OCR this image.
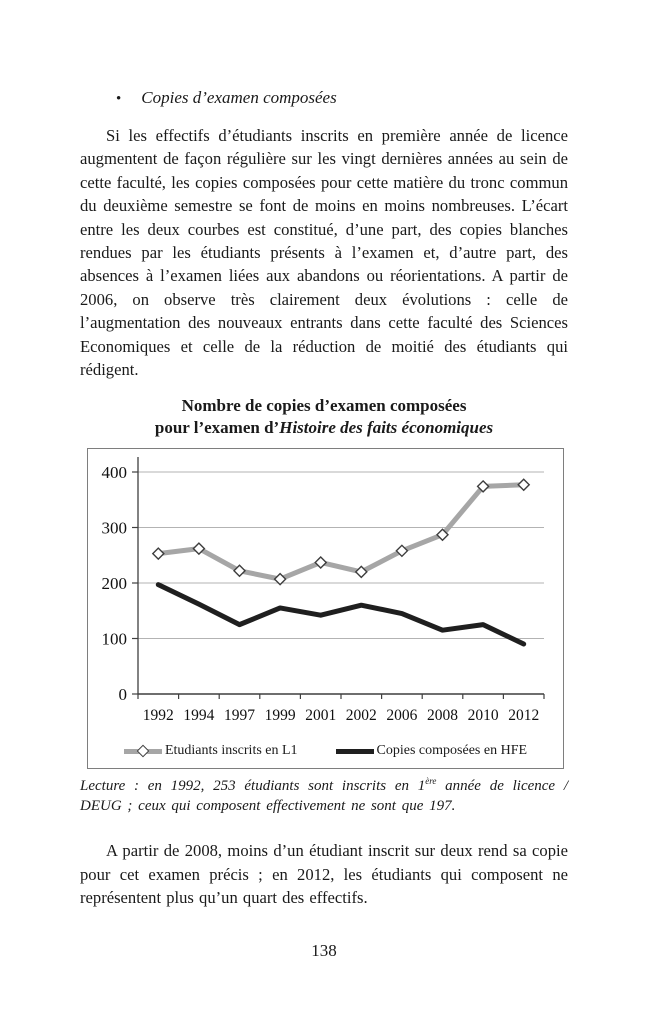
• Copies d’examen composées

Si les effectifs d’étudiants inscrits en première année de licence augmentent de façon régulière sur les vingt dernières années au sein de cette faculté, les copies composées pour cette matière du tronc commun du deuxième semestre se font de moins en moins nombreuses. L’écart entre les deux courbes est constitué, d’une part, des copies blanches rendues par les étudiants présents à l’examen et, d’autre part, des absences à l’examen liées aux abandons ou réorientations. A partir de 2006, on observe très clairement deux évolutions : celle de l’augmentation des nouveaux entrants dans cette faculté des Sciences Economiques et celle de la réduction de moitié des étudiants qui rédigent.

Nombre de copies d’examen composées
pour l’examen d’Histoire des faits économiques
0
100
200
300
400
1992 1994 1997 1999 2001 2002 2006 2008 2010 2012
Etudiants inscrits en L1	Copies composées en HFE

Lecture : en 1992, 253 étudiants sont inscrits en 1ère année de licence / DEUG ; ceux qui composent effectivement ne sont que 197.

A partir de 2008, moins d’un étudiant inscrit sur deux rend sa copie pour cet examen précis ; en 2012, les étudiants qui composent ne représentent plus qu’un quart des effectifs.

138
